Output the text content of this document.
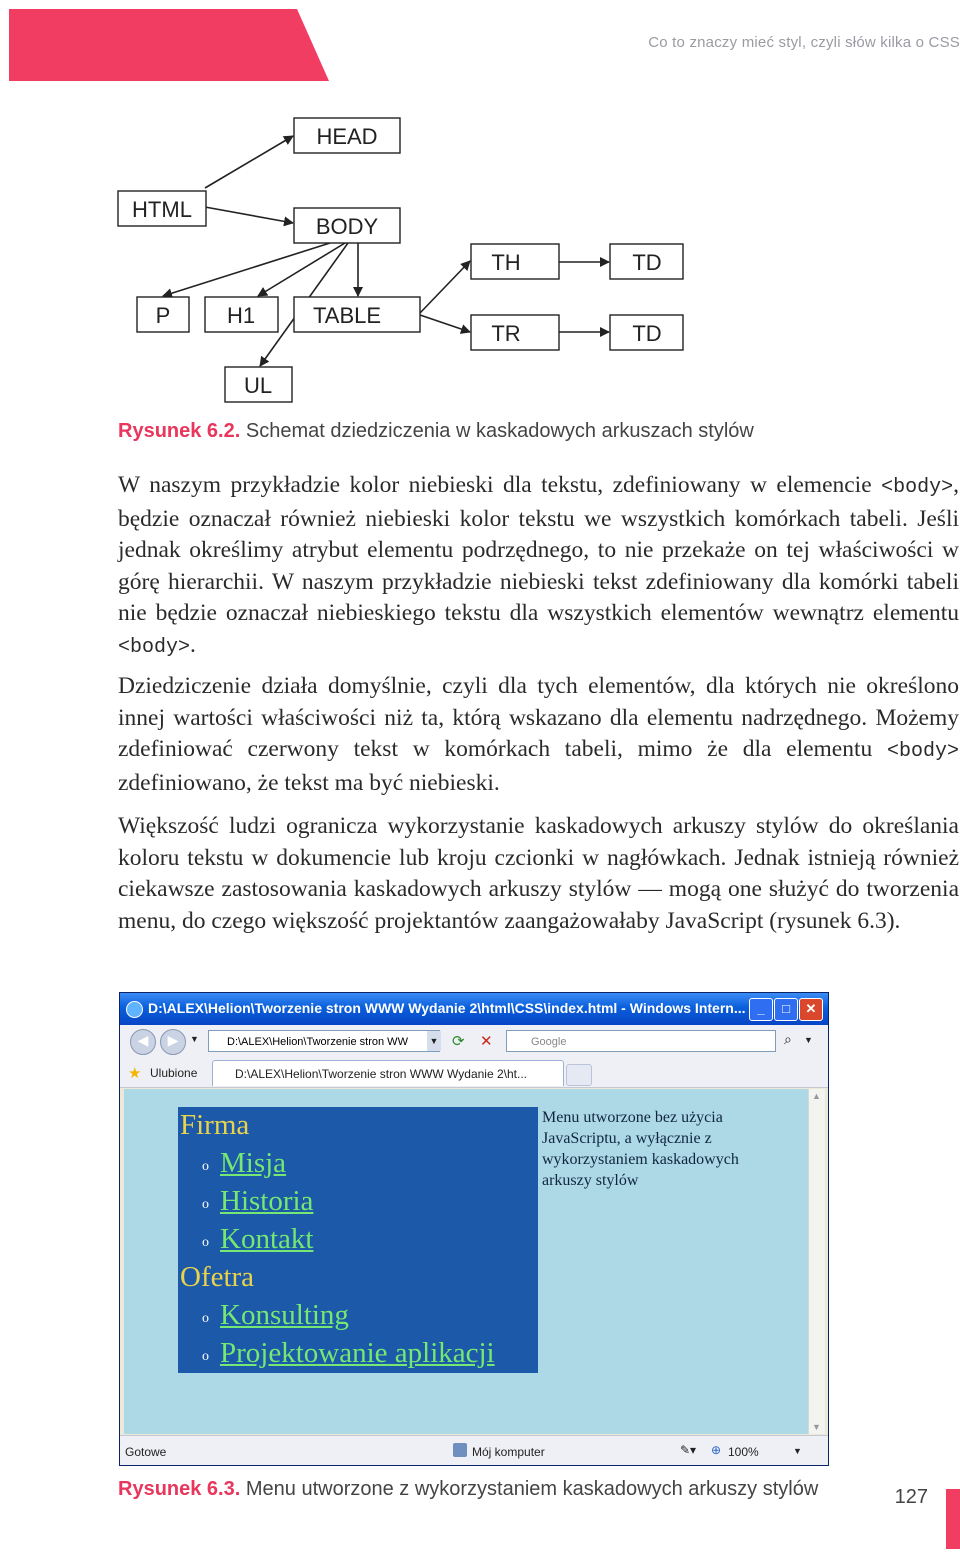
Co to znaczy mieć styl, czyli słów kilka o CSS
HEAD
HTML
BODY
TH	TD
P	H1	TABLE
TR	TD
UL
Rysunek 6.2. Schemat dziedziczenia w kaskadowych arkuszach stylów

W naszym przykładzie kolor niebieski dla tekstu, zdefiniowany w elemencie <body>, będzie oznaczał również niebieski kolor tekstu we wszystkich komórkach tabeli. Jeśli jednak określimy atrybut elementu podrzędnego, to nie przekaże on tej właściwości w górę hierarchii. W naszym przykładzie niebieski tekst zdefiniowany dla komórki tabeli nie będzie oznaczał niebieskiego tekstu dla wszystkich elementów wewnątrz elementu <body>.

Dziedziczenie działa domyślnie, czyli dla tych elementów, dla których nie określono innej wartości właściwości niż ta, którą wskazano dla elementu nadrzędnego. Możemy zdefiniować czerwony tekst w komórkach tabeli, mimo że dla elementu <body> zdefiniowano, że tekst ma być niebieski.

Większość ludzi ogranicza wykorzystanie kaskadowych arkuszy stylów do określania koloru tekstu w dokumencie lub kroju czcionki w nagłówkach. Jednak istnieją również ciekawsze zastosowania kaskadowych arkuszy stylów — mogą one służyć do tworzenia menu, do czego większość projektantów zaangażowałaby JavaScript (rysunek 6.3).

D:\ALEX\Helion\Tworzenie stron WWW Wydanie 2\html\CSS\index.html - Windows Intern... _	□	✕
◀	▶	▼	D:\ALEX\Helion\Tworzenie stron WW	▼ ⟳ ✕	Google	⌕ ▼
★ Ulubione	D:\ALEX\Helion\Tworzenie stron WWW Wydanie 2\ht...
Firma
o Misja
o Historia
o Kontakt
Ofetra
o Konsulting
o Projektowanie aplikacji
Menu utworzone bez użycia JavaScriptu, a wyłącznie z wykorzystaniem kaskadowych arkuszy stylów
▲
▼
Gotowe	Mój komputer	✎▾ ⊕ 100%	▼
Rysunek 6.3. Menu utworzone z wykorzystaniem kaskadowych arkuszy stylów	127
